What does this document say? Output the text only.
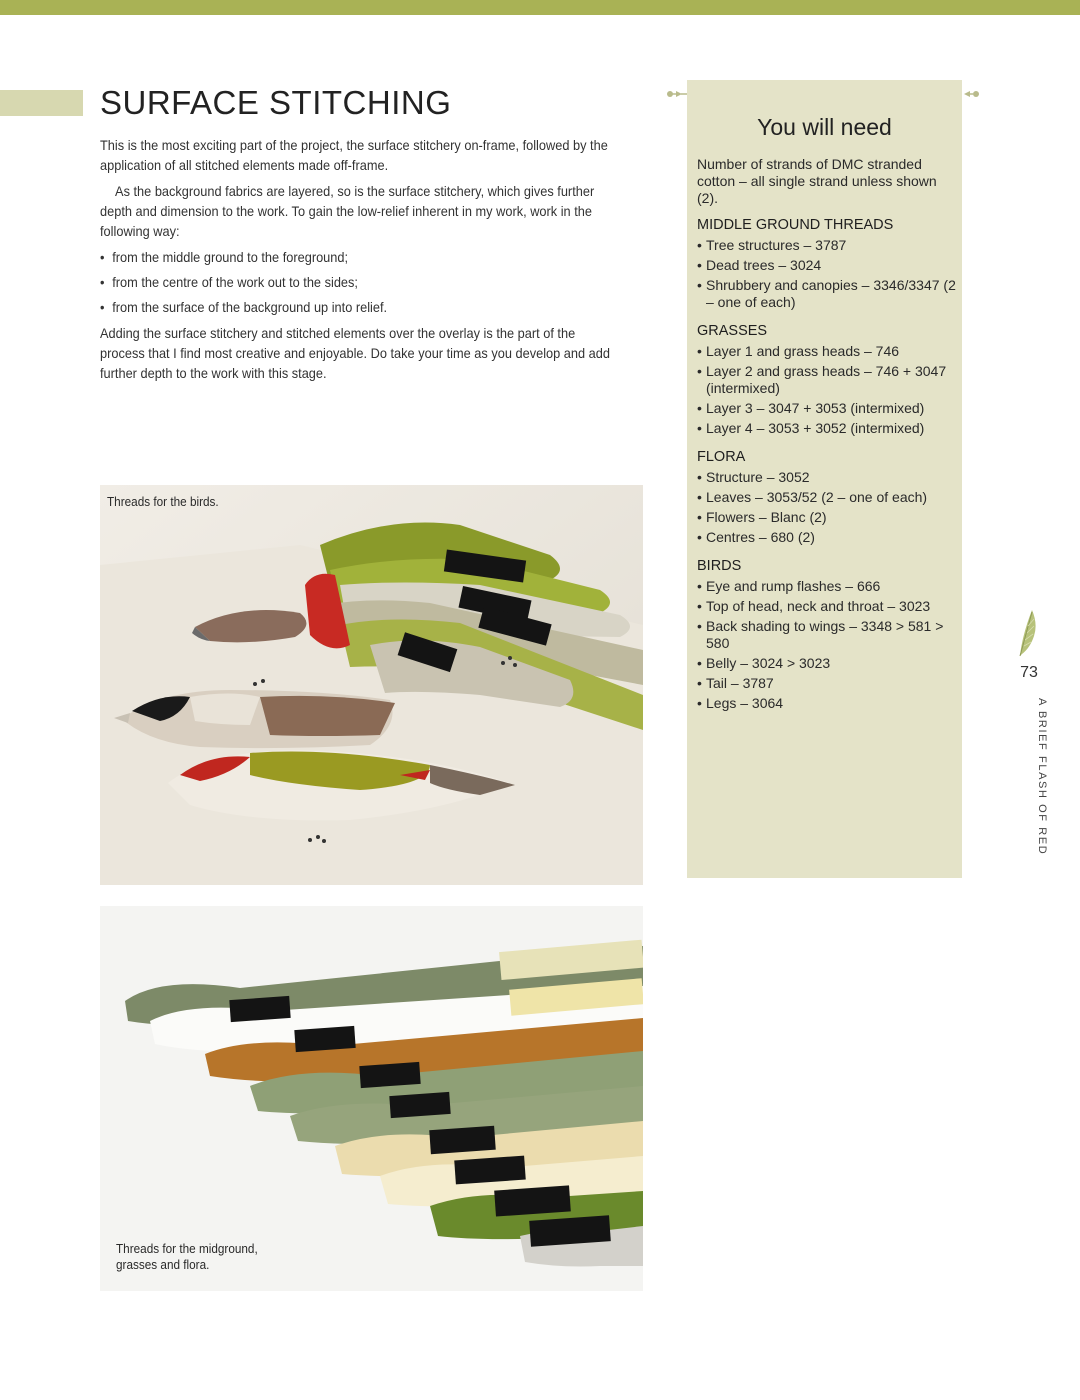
SURFACE STITCHING

This is the most exciting part of the project, the surface stitchery on-frame, followed by the application of all stitched elements made off-frame.

As the background fabrics are layered, so is the surface stitchery, which gives further depth and dimension to the work. To gain the low-relief inherent in my work, work in the following way:

• from the middle ground to the foreground;
• from the centre of the work out to the sides;
• from the surface of the background up into relief.

Adding the surface stitchery and stitched elements over the overlay is the part of the process that I find most creative and enjoyable. Do take your time as you develop and add further depth to the work with this stage.

Threads for the birds.
Threads for the midground, grasses and flora.
You will need

Number of strands of DMC stranded cotton – all single strand unless shown (2).

MIDDLE GROUND THREADS
• Tree structures – 3787
• Dead trees – 3024
• Shrubbery and canopies – 3346/3347 (2 – one of each)
GRASSES
• Layer 1 and grass heads – 746
• Layer 2 and grass heads – 746 + 3047 (intermixed)
• Layer 3 – 3047 + 3053 (intermixed)
• Layer 4 – 3053 + 3052 (intermixed)
FLORA
• Structure – 3052
• Leaves – 3053/52 (2 – one of each)
• Flowers – Blanc (2)
• Centres – 680 (2)
BIRDS
• Eye and rump flashes – 666
• Top of head, neck and throat – 3023
• Back shading to wings – 3348 > 581 > 580
• Belly – 3024 > 3023
• Tail – 3787
• Legs – 3064
73
A BRIEF FLASH OF RED
